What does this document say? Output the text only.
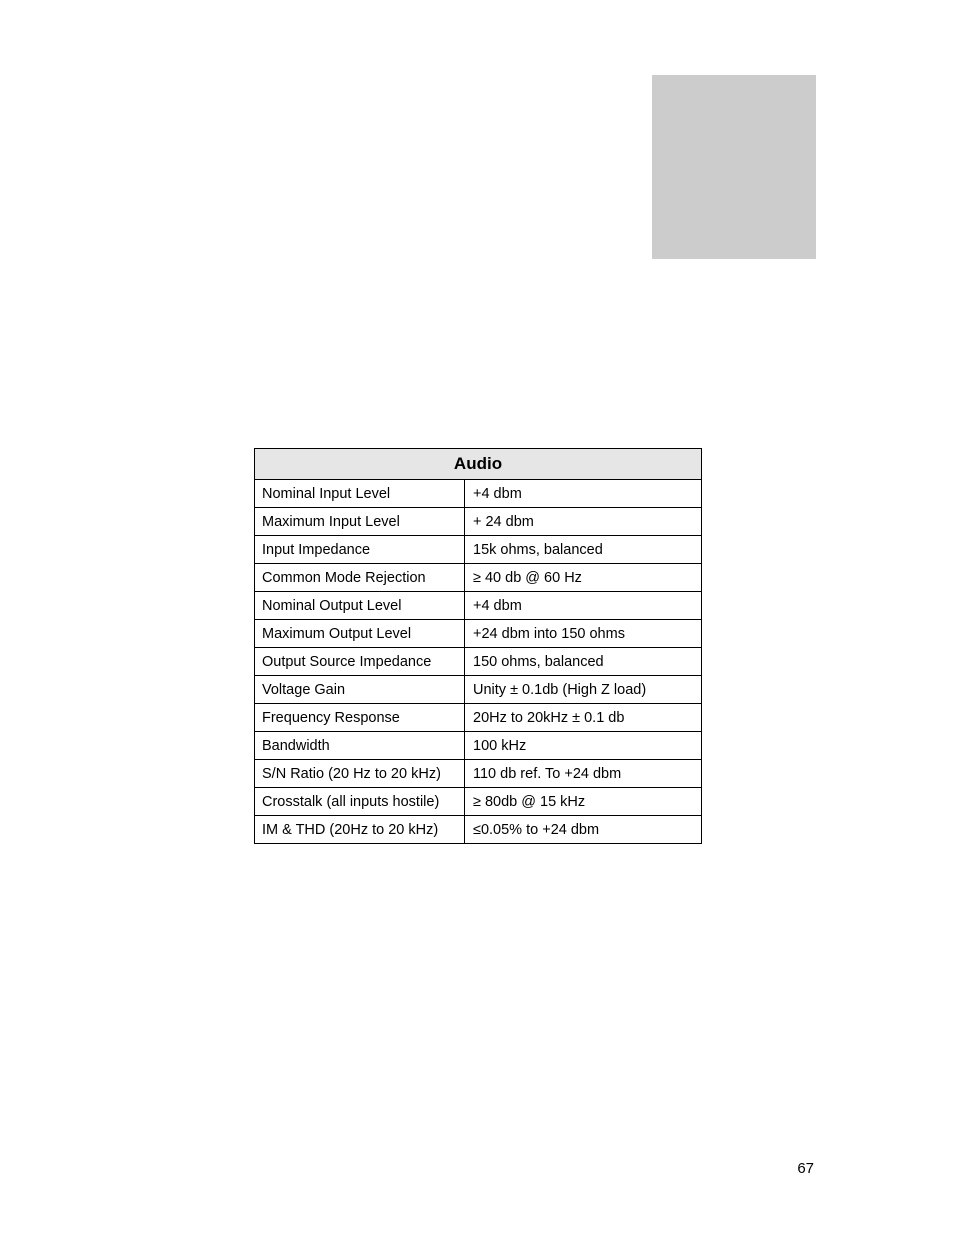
Audio	
Nominal Input Level	+4 dbm
Maximum Input Level	+ 24 dbm
Input Impedance	15k ohms, balanced
Common Mode Rejection	≥ 40 db @ 60 Hz
Nominal Output Level	+4 dbm
Maximum Output Level	+24 dbm into 150 ohms
Output Source Impedance	150 ohms, balanced
Voltage Gain	Unity ± 0.1db (High Z load)
Frequency Response	20Hz to 20kHz ± 0.1 db
Bandwidth	100 kHz
S/N Ratio (20 Hz to 20 kHz)	110 db ref. To +24 dbm
Crosstalk (all inputs hostile)	≥ 80db @ 15 kHz
IM & THD (20Hz to 20 kHz)	≤0.05% to +24 dbm
67
